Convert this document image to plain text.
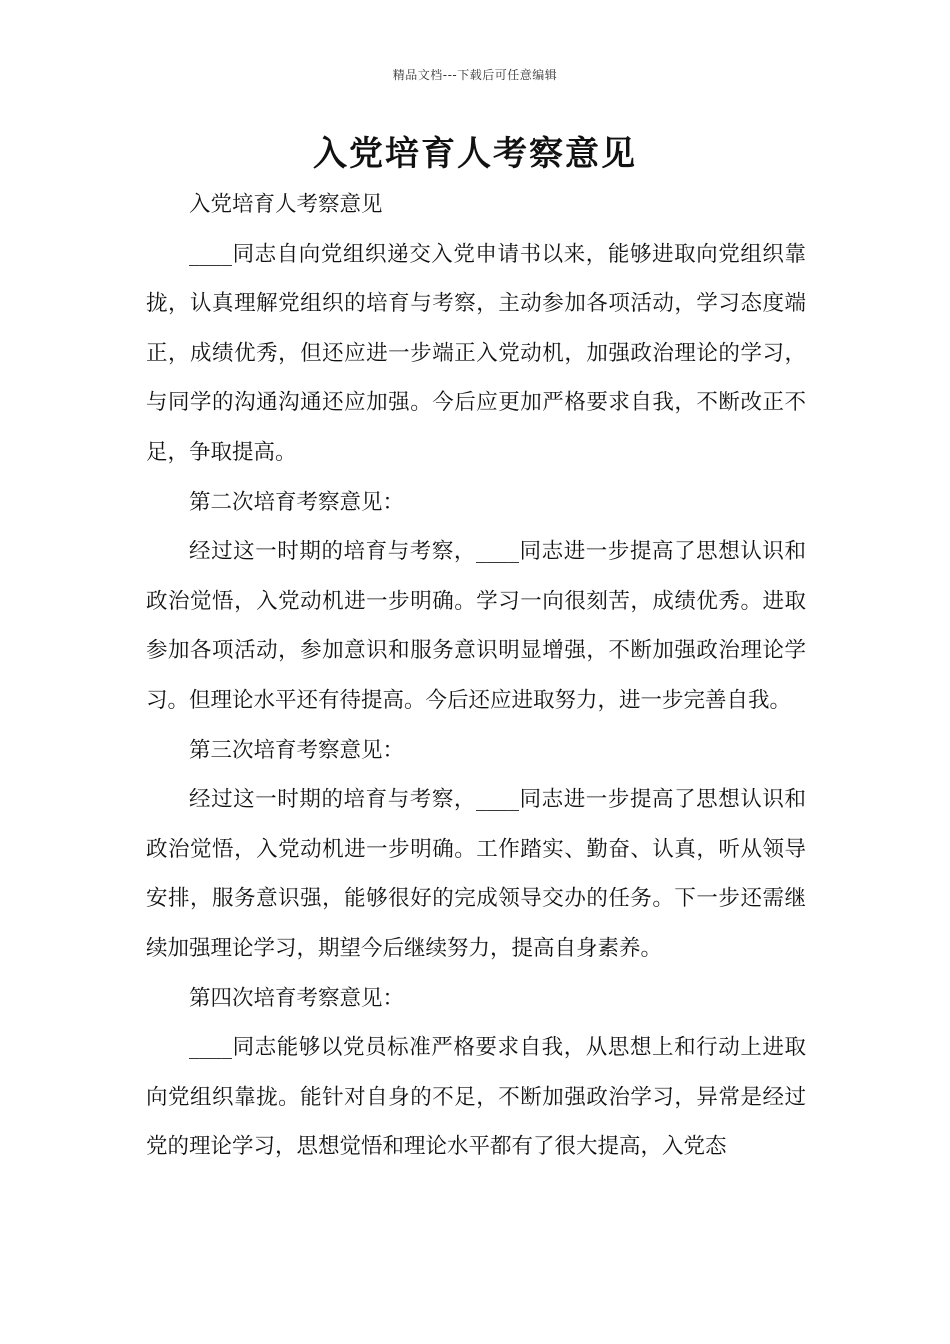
精品文档---下载后可任意编辑
入党培育人考察意见

入党培育人考察意见

____同志自向党组织递交入党申请书以来，能够进取向党组织靠拢，认真理解党组织的培育与考察，主动参加各项活动，学习态度端正，成绩优秀，但还应进一步端正入党动机，加强政治理论的学习，与同学的沟通沟通还应加强。今后应更加严格要求自我，不断改正不足，争取提高。

第二次培育考察意见：

经过这一时期的培育与考察，____同志进一步提高了思想认识和政治觉悟，入党动机进一步明确。学习一向很刻苦，成绩优秀。进取参加各项活动，参加意识和服务意识明显增强，不断加强政治理论学习。但理论水平还有待提高。今后还应进取努力，进一步完善自我。

第三次培育考察意见：

经过这一时期的培育与考察，____同志进一步提高了思想认识和政治觉悟，入党动机进一步明确。工作踏实、勤奋、认真，听从领导安排，服务意识强，能够很好的完成领导交办的任务。下一步还需继续加强理论学习，期望今后继续努力，提高自身素养。

第四次培育考察意见：

____同志能够以党员标准严格要求自我，从思想上和行动上进取向党组织靠拢。能针对自身的不足，不断加强政治学习，异常是经过党的理论学习，思想觉悟和理论水平都有了很大提高，入党态
